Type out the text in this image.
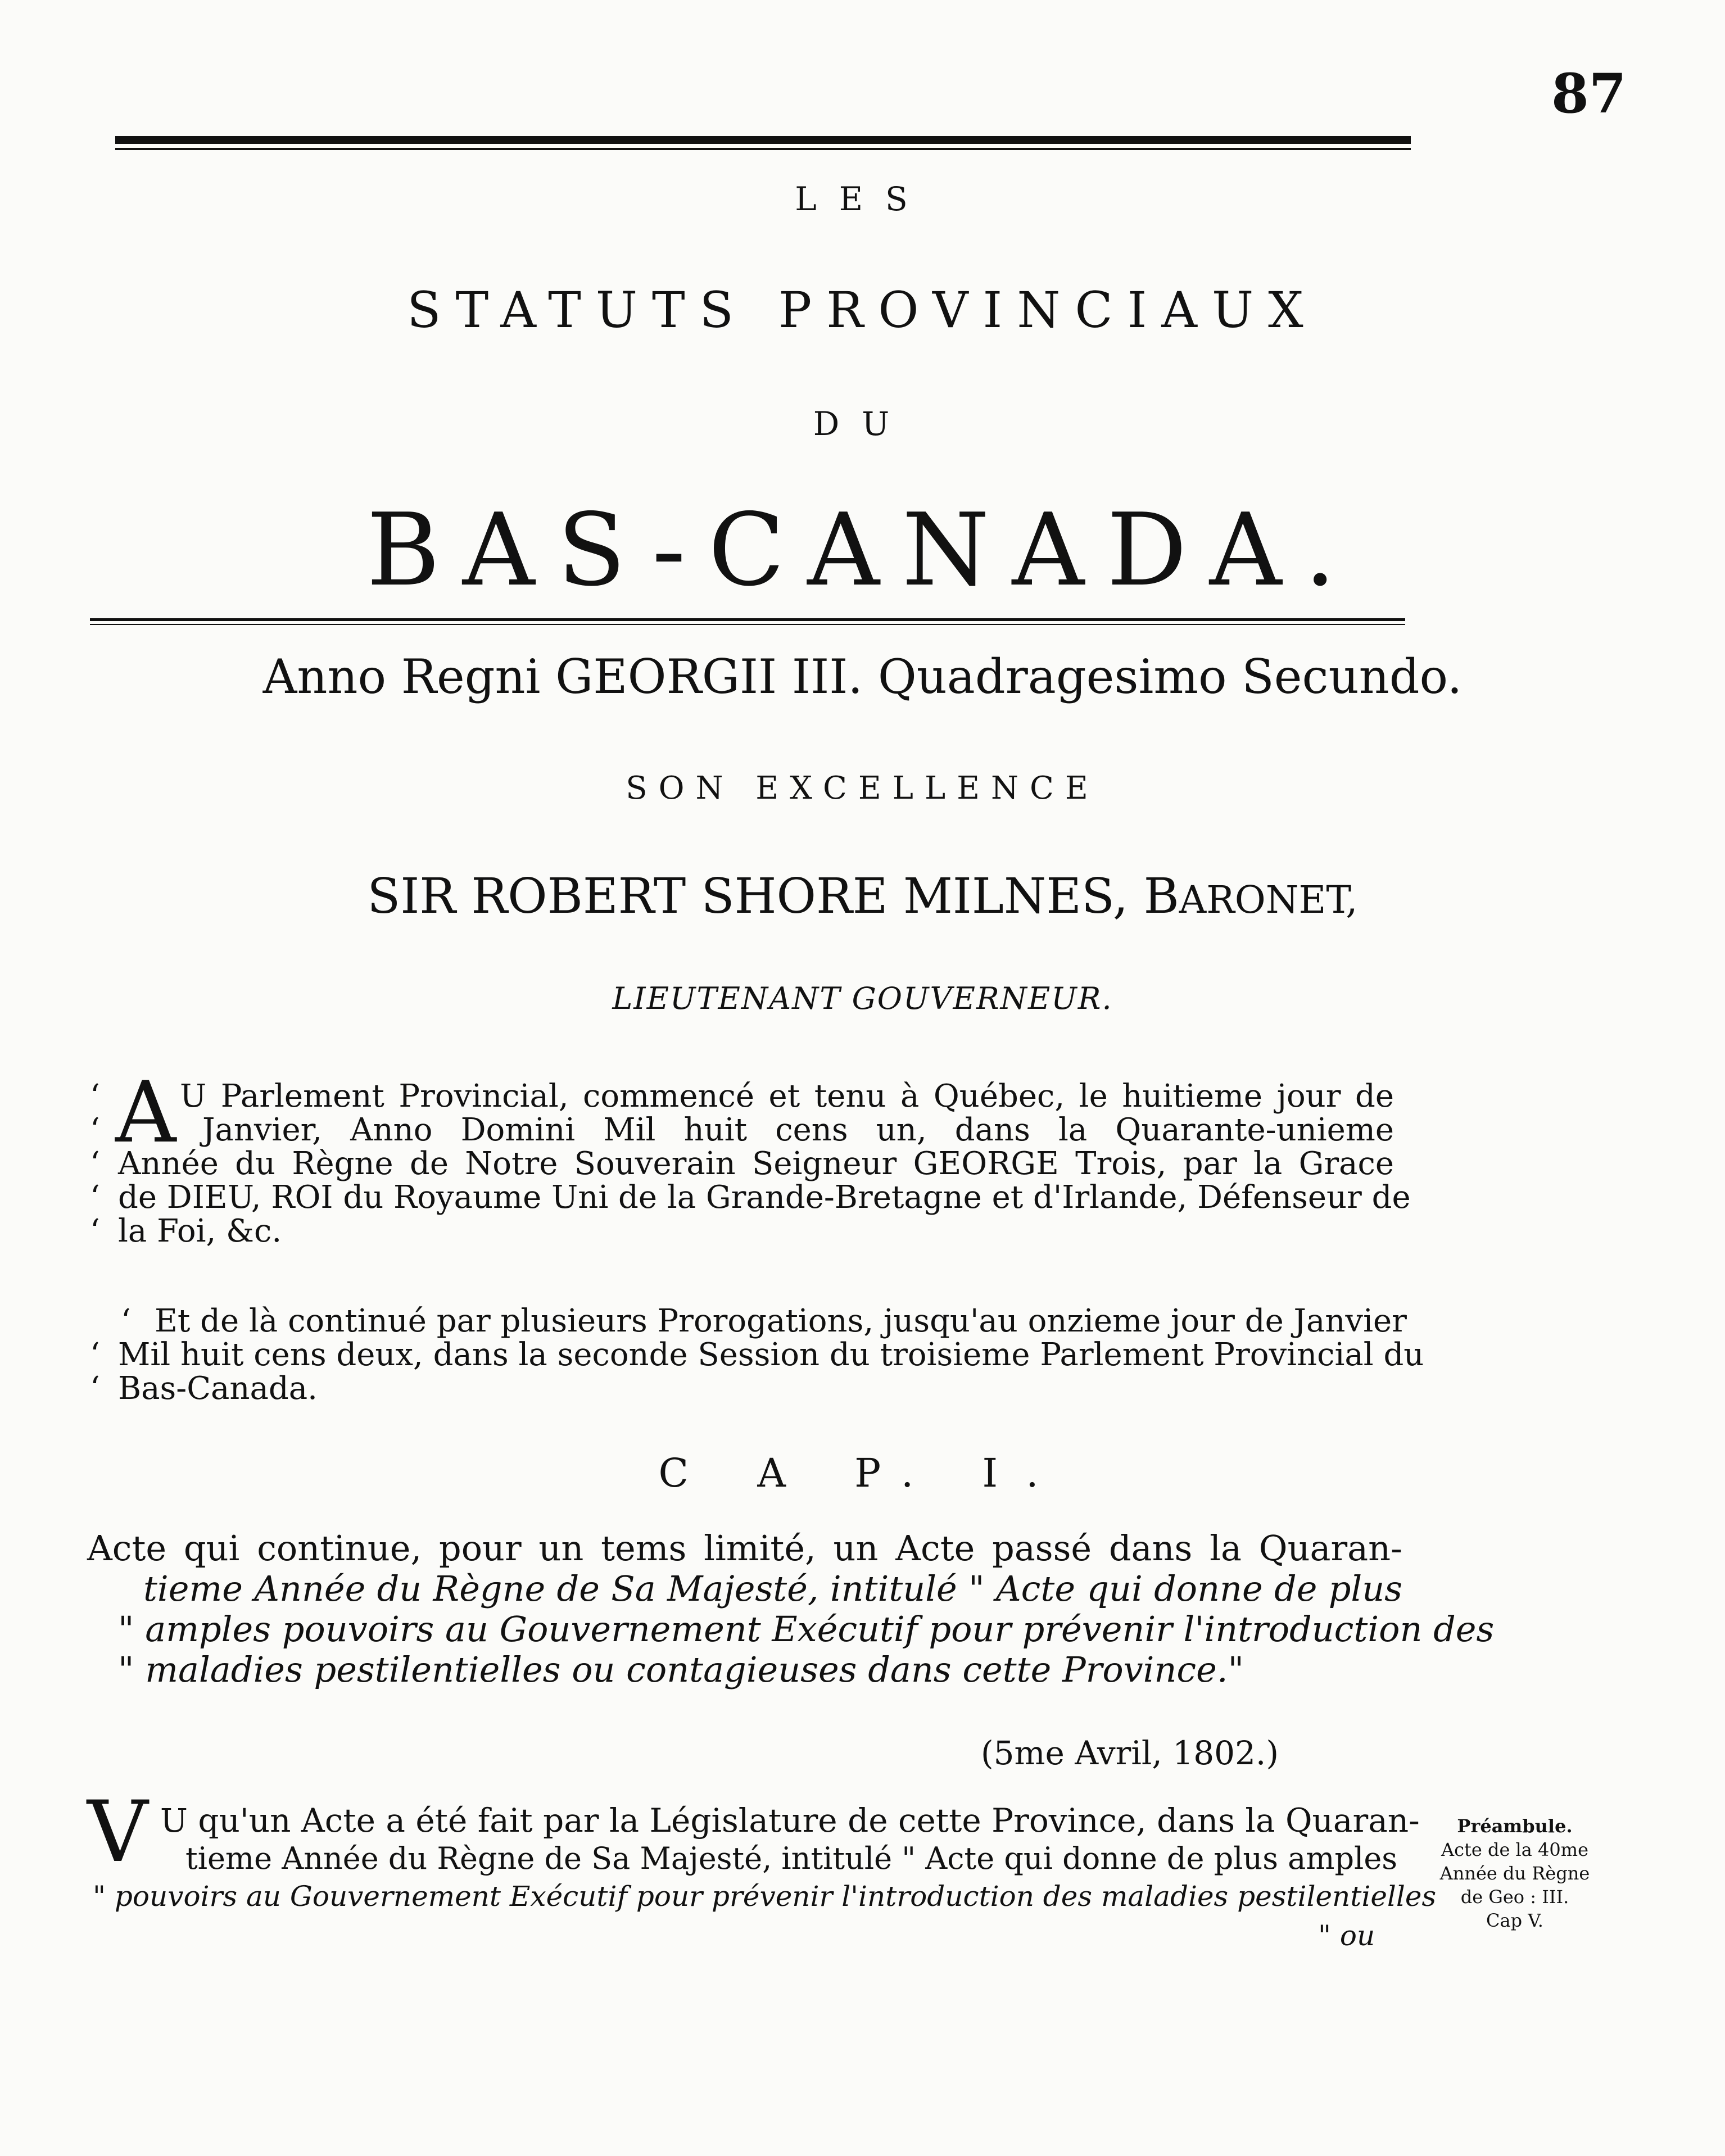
87
LES
STATUTS PROVINCIAUX
DU
BAS-CANADA.
Anno Regni GEORGII III. Quadragesimo Secundo.
SON EXCELLENCE
SIR ROBERT SHORE MILNES, BARONET,
LIEUTENANT GOUVERNEUR.
‘
‘
‘
‘
‘
A U Parlement Provincial, commencé et tenu à Québec, le huitieme jour de
Janvier, Anno Domini Mil huit cens un, dans la Quarante-unieme
Année du Règne de Notre Souverain Seigneur GEORGE Trois, par la Grace
de DIEU, ROI du Royaume Uni de la Grande-Bretagne et d'Irlande, Défenseur de
la Foi, &c.
‘
‘
‘
Et de là continué par plusieurs Prorogations, jusqu'au onzieme jour de Janvier
Mil huit cens deux, dans la seconde Session du troisieme Parlement Provincial du
Bas-Canada.
C A P. I.
Acte qui continue, pour un tems limité, un Acte passé dans la Quaran-
tieme Année du Règne de Sa Majesté, intitulé " Acte qui donne de plus
" amples pouvoirs au Gouvernement Exécutif pour prévenir l'introduction des
" maladies pestilentielles ou contagieuses dans cette Province."
(5me Avril, 1802.)
V U qu'un Acte a été fait par la Législature de cette Province, dans la Quaran-
tieme Année du Règne de Sa Majesté, intitulé " Acte qui donne de plus amples
" pouvoirs au Gouvernement Exécutif pour prévenir l'introduction des maladies pestilentielles
" ou
Préambule.
Acte de la 40me
Année du Règne
de Geo : III.
Cap V.
